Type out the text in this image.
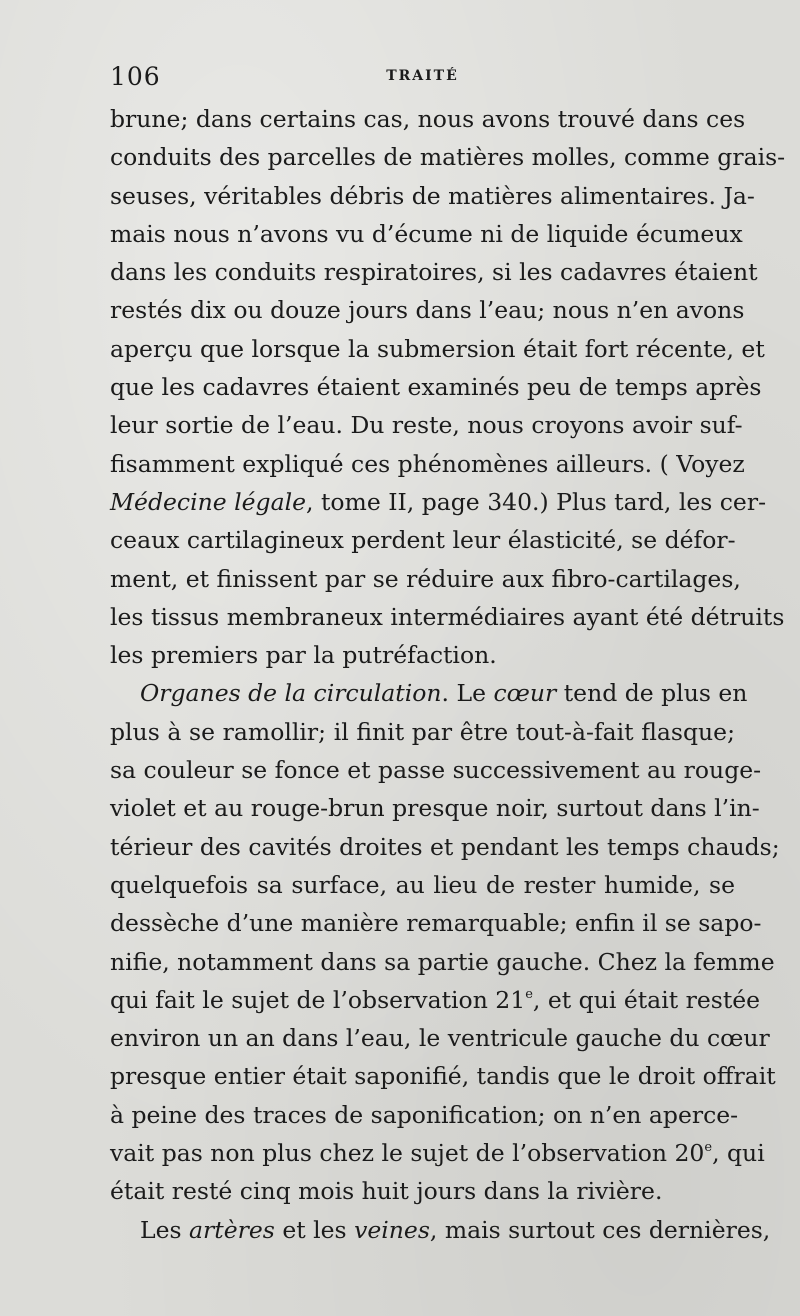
106	TRAITÉ
brune; dans certains cas, nous avons trouvé dans ces
conduits des parcelles de matières molles, comme grais-
seuses, véritables débris de matières alimentaires. Ja-
mais nous n’avons vu d’écume ni de liquide écumeux
dans les conduits respiratoires, si les cadavres étaient
restés dix ou douze jours dans l’eau; nous n’en avons
aperçu que lorsque la submersion était fort récente, et
que les cadavres étaient examinés peu de temps après
leur sortie de l’eau. Du reste, nous croyons avoir suf-
fisamment expliqué ces phénomènes ailleurs. ( Voyez
Médecine légale, tome II, page 340.) Plus tard, les cer-
ceaux cartilagineux perdent leur élasticité, se défor-
ment, et finissent par se réduire aux fibro-cartilages,
les tissus membraneux intermédiaires ayant été détruits
les premiers par la putréfaction.
Organes de la circulation. Le cœur tend de plus en
plus à se ramollir; il finit par être tout-à-fait flasque;
sa couleur se fonce et passe successivement au rouge-
violet et au rouge-brun presque noir, surtout dans l’in-
térieur des cavités droites et pendant les temps chauds;
quelquefois sa surface, au lieu de rester humide, se
dessèche d’une manière remarquable; enfin il se sapo-
nifie, notamment dans sa partie gauche. Chez la femme
qui fait le sujet de l’observation 21e, et qui était restée
environ un an dans l’eau, le ventricule gauche du cœur
presque entier était saponifié, tandis que le droit offrait
à peine des traces de saponification; on n’en aperce-
vait pas non plus chez le sujet de l’observation 20e, qui
était resté cinq mois huit jours dans la rivière.
Les artères et les veines, mais surtout ces dernières,
